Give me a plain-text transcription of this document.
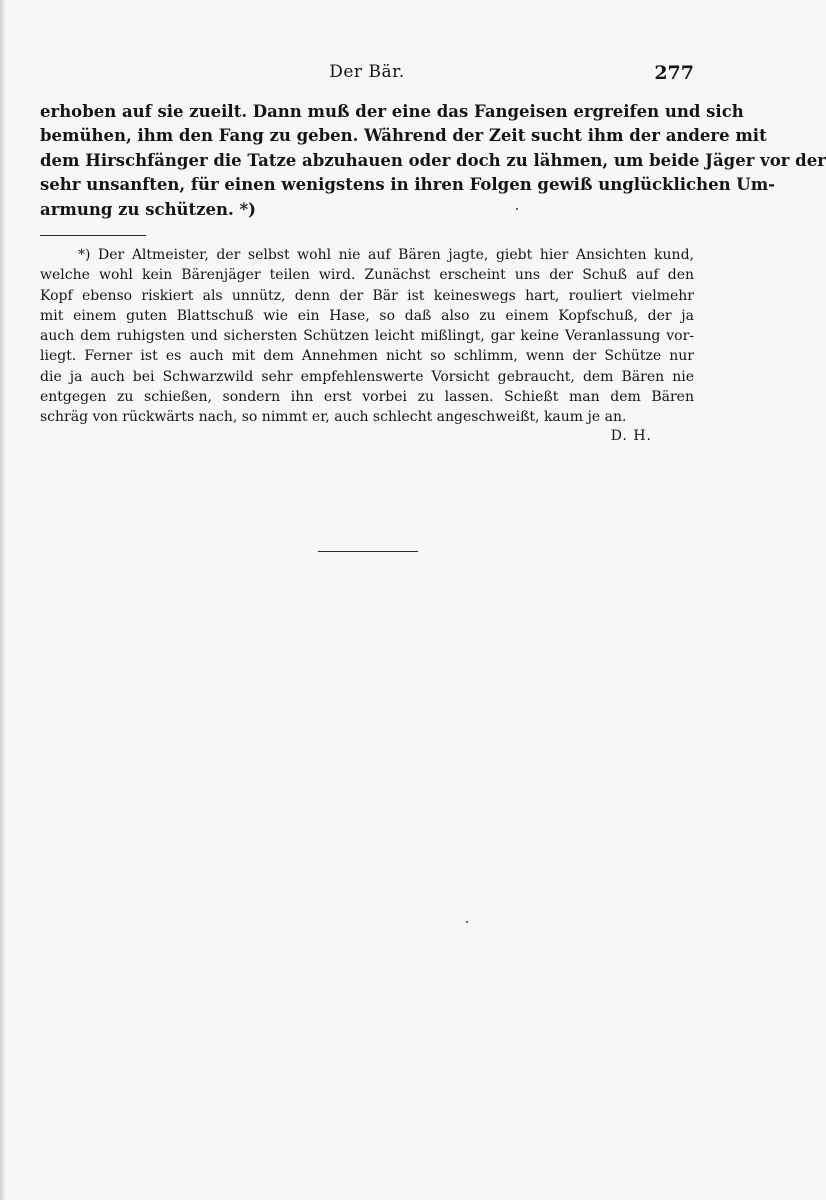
Der Bär.	277
erhoben auf sie zueilt. Dann muß der eine das Fangeisen ergreifen und sich
bemühen, ihm den Fang zu geben. Während der Zeit sucht ihm der andere mit
dem Hirschfänger die Tatze abzuhauen oder doch zu lähmen, um beide Jäger vor der
sehr unsanften, für einen wenigstens in ihren Folgen gewiß unglücklichen Um-
armung zu schützen. *)
*) Der Altmeister, der selbst wohl nie auf Bären jagte, giebt hier Ansichten kund,
welche wohl kein Bärenjäger teilen wird. Zunächst erscheint uns der Schuß auf den
Kopf ebenso riskiert als unnütz, denn der Bär ist keineswegs hart, rouliert vielmehr
mit einem guten Blattschuß wie ein Hase, so daß also zu einem Kopfschuß, der ja
auch dem ruhigsten und sichersten Schützen leicht mißlingt, gar keine Veranlassung vor-
liegt. Ferner ist es auch mit dem Annehmen nicht so schlimm, wenn der Schütze nur
die ja auch bei Schwarzwild sehr empfehlenswerte Vorsicht gebraucht, dem Bären nie
entgegen zu schießen, sondern ihn erst vorbei zu lassen. Schießt man dem Bären
schräg von rückwärts nach, so nimmt er, auch schlecht angeschweißt, kaum je an.
D. H.
